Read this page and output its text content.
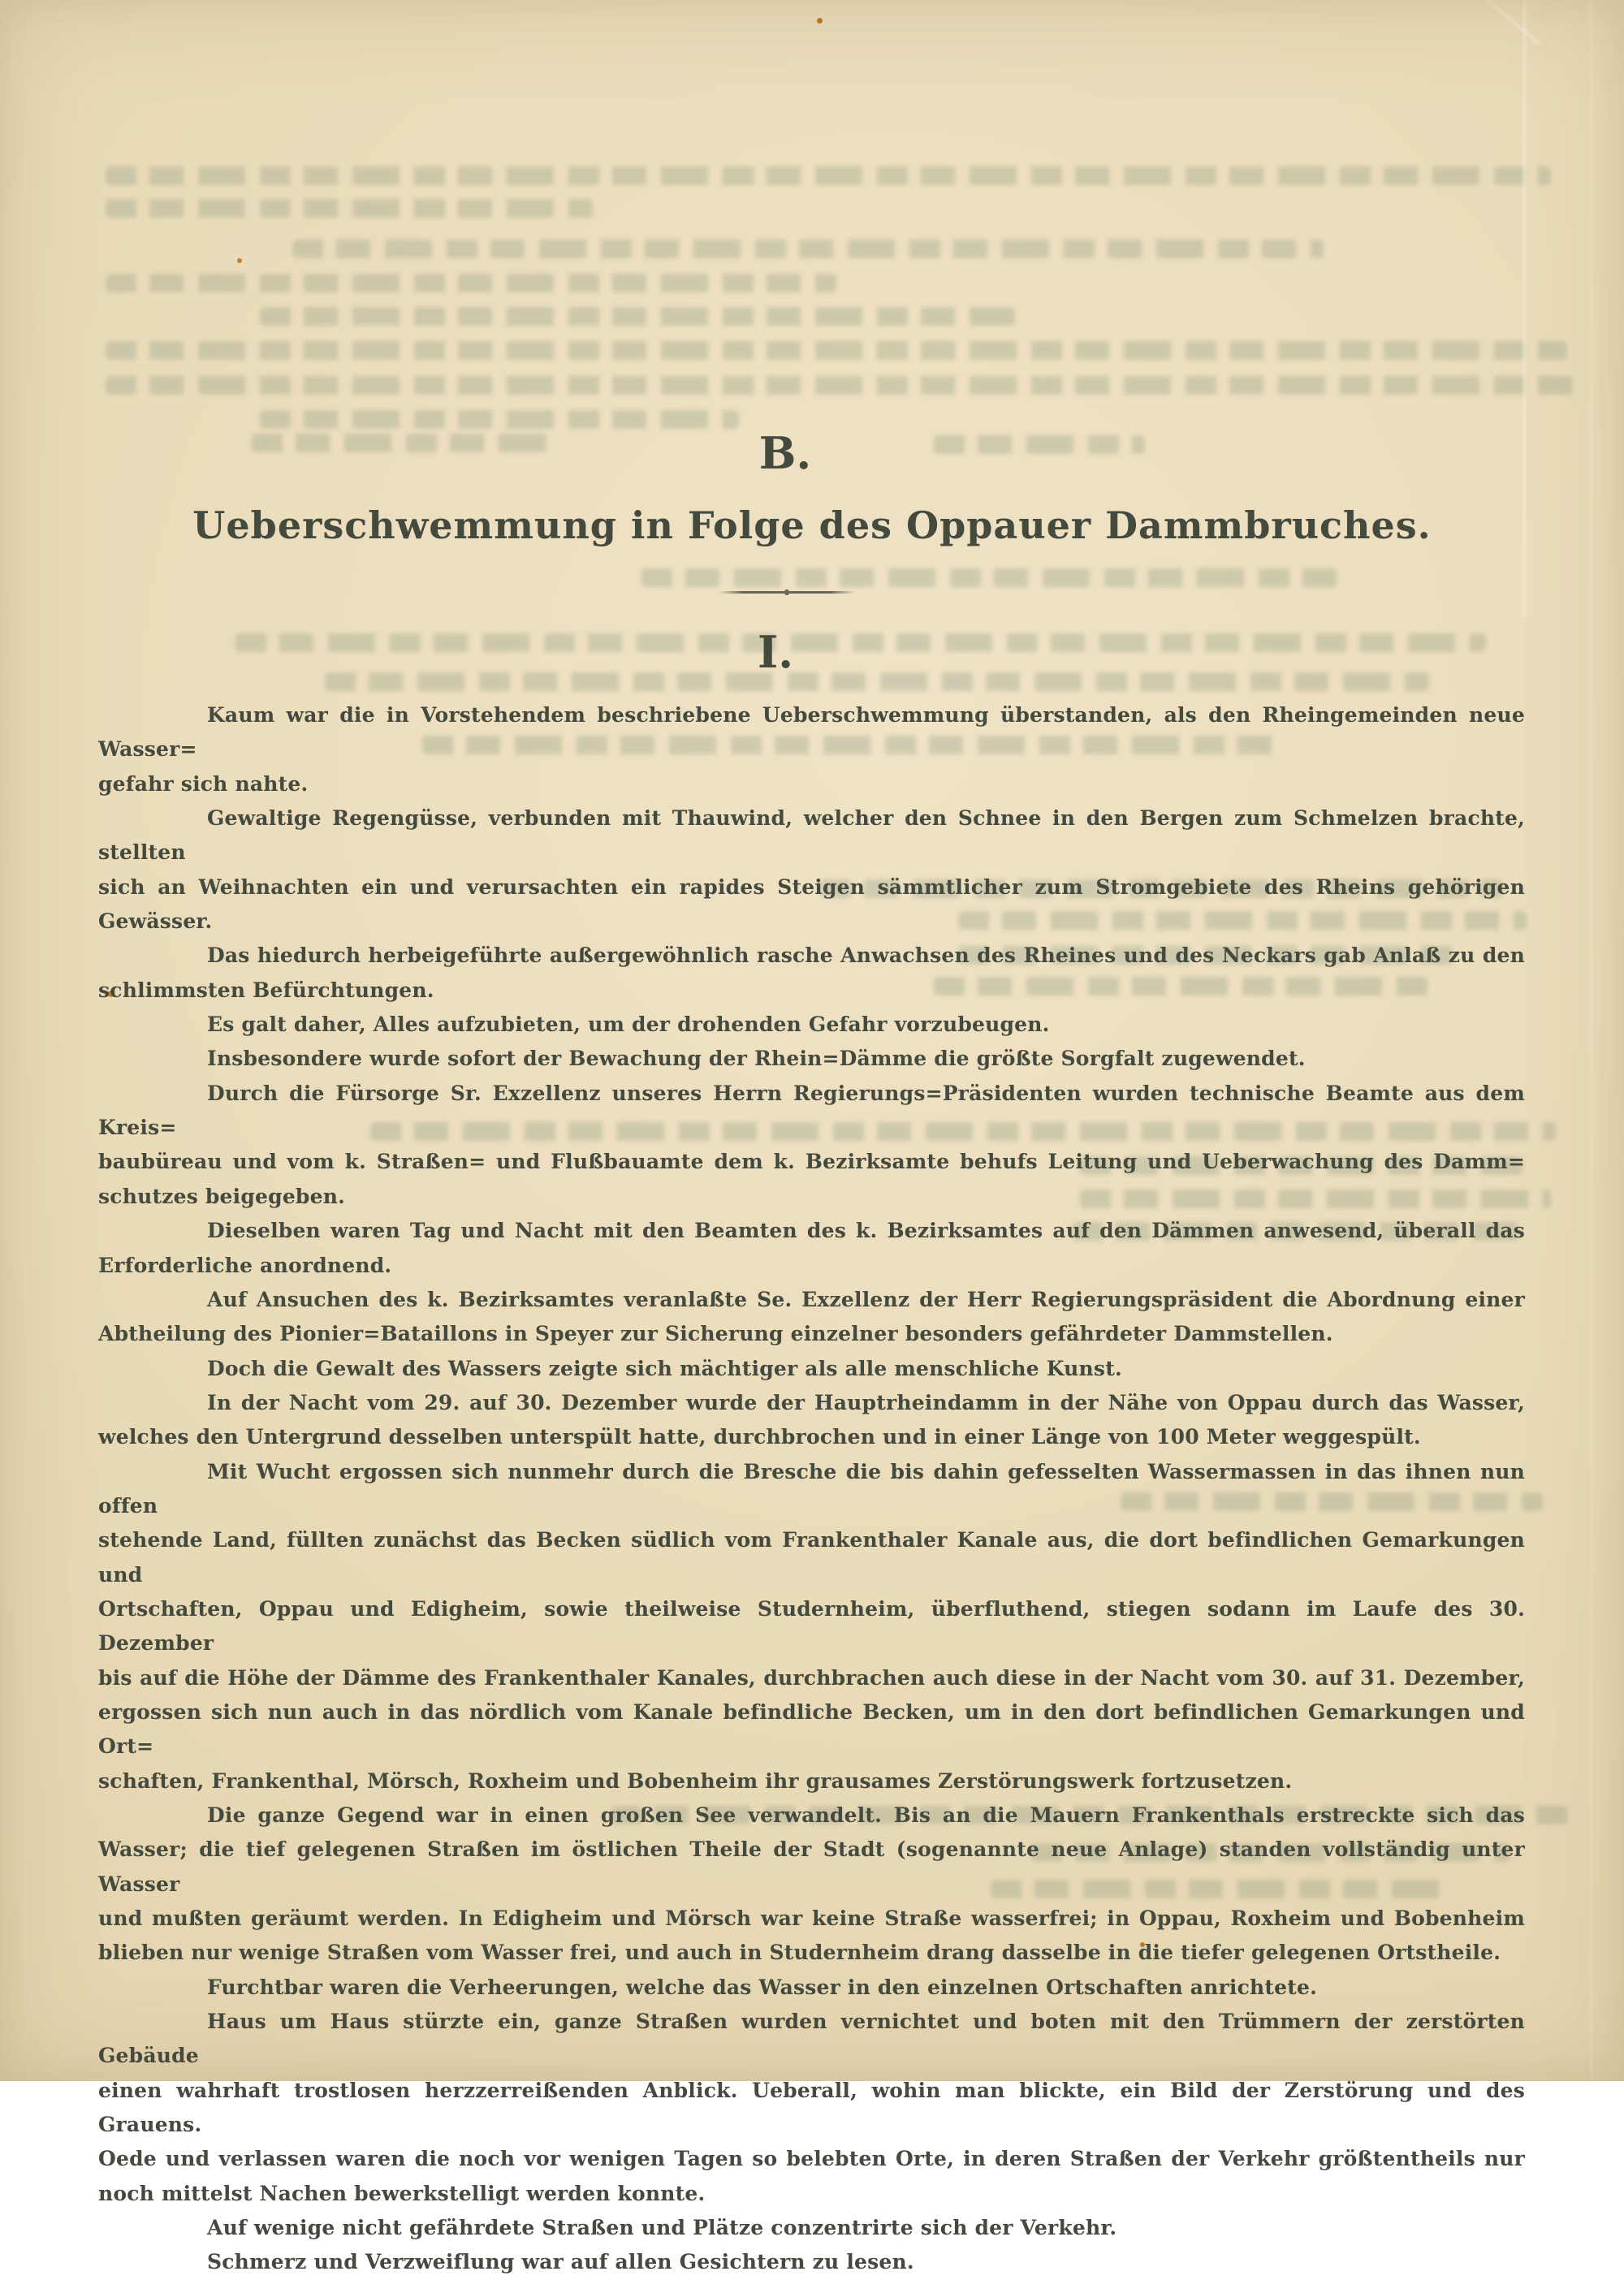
B.
Ueberschwemmung in Folge des Oppauer Dammbruches.
I.
Kaum war die in Vorstehendem beschriebene Ueberschwemmung überstanden, als den Rheingemeinden neue Wasser=
gefahr sich nahte.
Gewaltige Regengüsse, verbunden mit Thauwind, welcher den Schnee in den Bergen zum Schmelzen brachte, stellten
sich an Weihnachten ein und verursachten ein rapides Steigen sämmtlicher zum Stromgebiete des Rheins gehörigen Gewässer.
Das hiedurch herbeigeführte außergewöhnlich rasche Anwachsen des Rheines und des Neckars gab Anlaß zu den
schlimmsten Befürchtungen.
Es galt daher, Alles aufzubieten, um der drohenden Gefahr vorzubeugen.
Insbesondere wurde sofort der Bewachung der Rhein=Dämme die größte Sorgfalt zugewendet.
Durch die Fürsorge Sr. Exzellenz unseres Herrn Regierungs=Präsidenten wurden technische Beamte aus dem Kreis=
baubüreau und vom k. Straßen= und Flußbauamte dem k. Bezirksamte behufs Leitung und Ueberwachung des Damm=
schutzes beigegeben.
Dieselben waren Tag und Nacht mit den Beamten des k. Bezirksamtes auf den Dämmen anwesend, überall das
Erforderliche anordnend.
Auf Ansuchen des k. Bezirksamtes veranlaßte Se. Exzellenz der Herr Regierungspräsident die Abordnung einer
Abtheilung des Pionier=Bataillons in Speyer zur Sicherung einzelner besonders gefährdeter Dammstellen.
Doch die Gewalt des Wassers zeigte sich mächtiger als alle menschliche Kunst.
In der Nacht vom 29. auf 30. Dezember wurde der Hauptrheindamm in der Nähe von Oppau durch das Wasser,
welches den Untergrund desselben unterspült hatte, durchbrochen und in einer Länge von 100 Meter weggespült.
Mit Wucht ergossen sich nunmehr durch die Bresche die bis dahin gefesselten Wassermassen in das ihnen nun offen
stehende Land, füllten zunächst das Becken südlich vom Frankenthaler Kanale aus, die dort befindlichen Gemarkungen und
Ortschaften, Oppau und Edigheim, sowie theilweise Studernheim, überfluthend, stiegen sodann im Laufe des 30. Dezember
bis auf die Höhe der Dämme des Frankenthaler Kanales, durchbrachen auch diese in der Nacht vom 30. auf 31. Dezember,
ergossen sich nun auch in das nördlich vom Kanale befindliche Becken, um in den dort befindlichen Gemarkungen und Ort=
schaften, Frankenthal, Mörsch, Roxheim und Bobenheim ihr grausames Zerstörungswerk fortzusetzen.
Die ganze Gegend war in einen großen See verwandelt. Bis an die Mauern Frankenthals erstreckte sich das
Wasser; die tief gelegenen Straßen im östlichen Theile der Stadt (sogenannte neue Anlage) standen vollständig unter Wasser
und mußten geräumt werden. In Edigheim und Mörsch war keine Straße wasserfrei; in Oppau, Roxheim und Bobenheim
blieben nur wenige Straßen vom Wasser frei, und auch in Studernheim drang dasselbe in die tiefer gelegenen Ortstheile.
Furchtbar waren die Verheerungen, welche das Wasser in den einzelnen Ortschaften anrichtete.
Haus um Haus stürzte ein, ganze Straßen wurden vernichtet und boten mit den Trümmern der zerstörten Gebäude
einen wahrhaft trostlosen herzzerreißenden Anblick. Ueberall, wohin man blickte, ein Bild der Zerstörung und des Grauens.
Oede und verlassen waren die noch vor wenigen Tagen so belebten Orte, in deren Straßen der Verkehr größtentheils nur
noch mittelst Nachen bewerkstelligt werden konnte.
Auf wenige nicht gefährdete Straßen und Plätze conzentrirte sich der Verkehr.
Schmerz und Verzweiflung war auf allen Gesichtern zu lesen.
